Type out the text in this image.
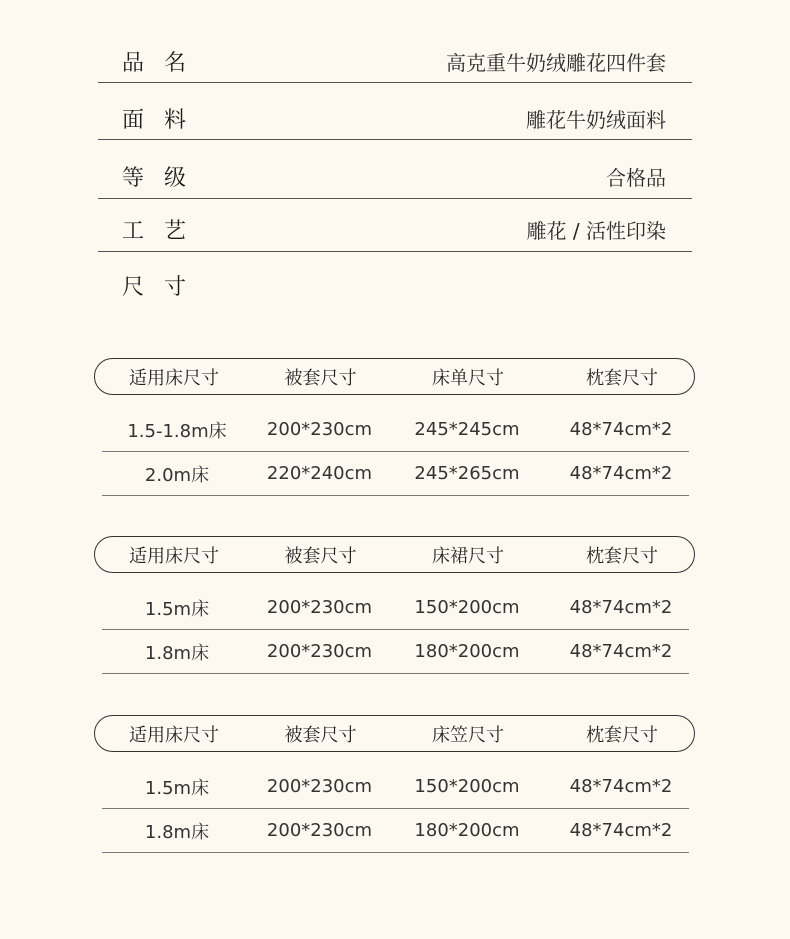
品名	高克重牛奶绒雕花四件套
面料	雕花牛奶绒面料
等级	合格品
工艺	雕花 / 活性印染
尺寸
适用床尺寸	被套尺寸	床单尺寸	枕套尺寸
1.5-1.8m床	200*230cm	245*245cm	48*74cm*2
2.0m床	220*240cm	245*265cm	48*74cm*2
适用床尺寸	被套尺寸	床裙尺寸	枕套尺寸
1.5m床	200*230cm	150*200cm	48*74cm*2
1.8m床	200*230cm	180*200cm	48*74cm*2
适用床尺寸	被套尺寸	床笠尺寸	枕套尺寸
1.5m床	200*230cm	150*200cm	48*74cm*2
1.8m床	200*230cm	180*200cm	48*74cm*2
